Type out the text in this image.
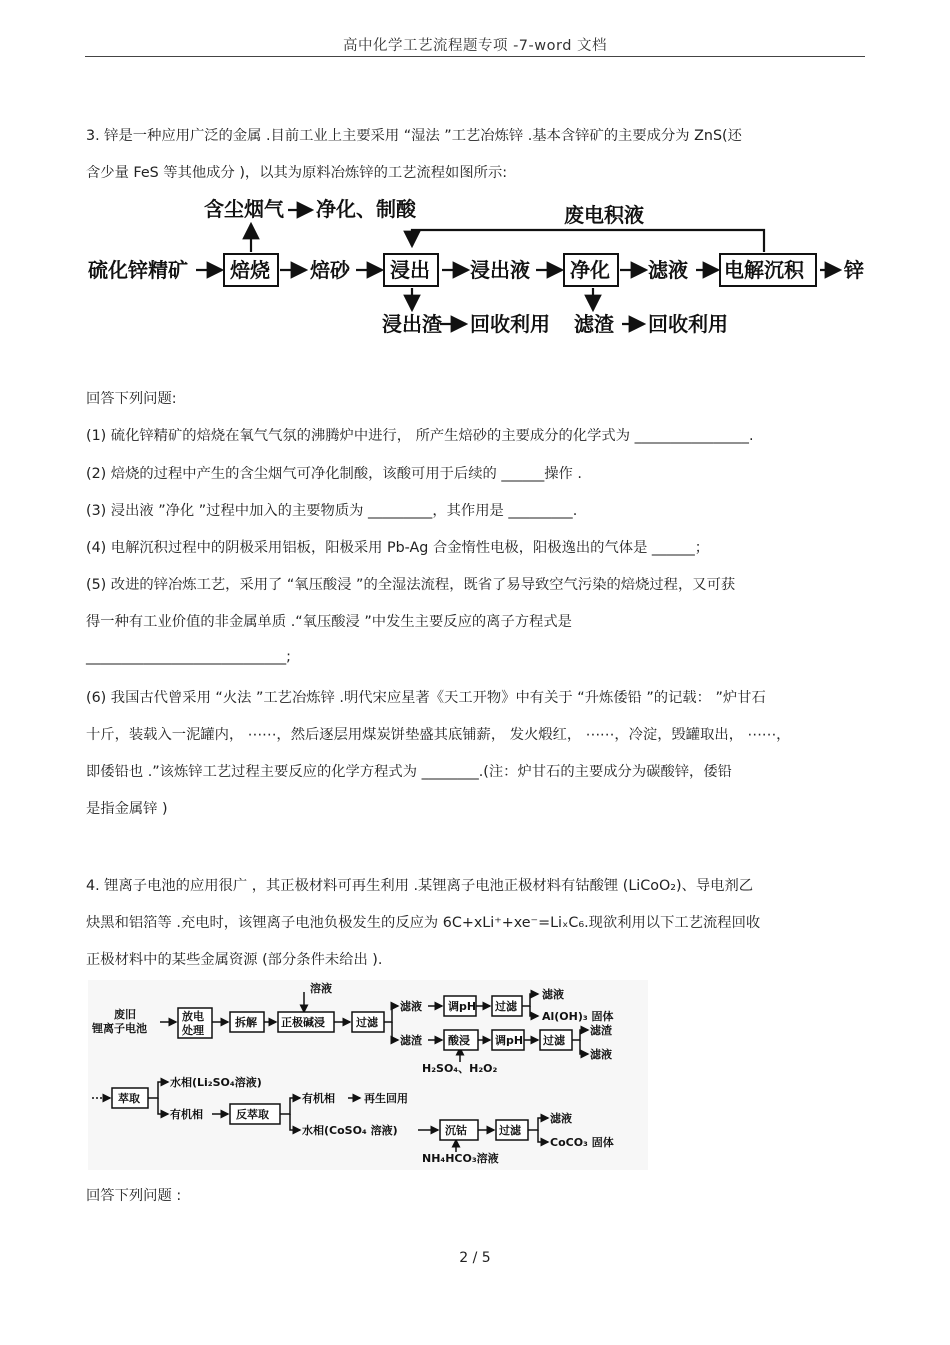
高中化学工艺流程题专项 -7-word 文档
3. 锌是一种应用广泛的金属 .目前工业上主要采用 “湿法 ”工艺冶炼锌 .基本含锌矿的主要成分为 ZnS(还
含少量 FeS 等其他成分 )，以其为原料冶炼锌的工艺流程如图所示:
硫化锌精矿 焙烧
含尘烟气 净化、制酸
焙砂 浸出 浸出液 净化 滤液 电解沉积 锌
废电积液
浸出渣 回收利用 滤渣 回收利用
回答下列问题:
(1) 硫化锌精矿的焙烧在氧气气氛的沸腾炉中进行， 所产生焙砂的主要成分的化学式为 ________________.
(2) 焙烧的过程中产生的含尘烟气可净化制酸，该酸可用于后续的 ______操作 .
(3) 浸出液 ”净化 ”过程中加入的主要物质为 _________，其作用是 _________.
(4) 电解沉积过程中的阴极采用铝板，阳极采用 Pb-Ag 合金惰性电极，阳极逸出的气体是 ______；
(5) 改进的锌冶炼工艺，采用了 “氧压酸浸 ”的全湿法流程，既省了易导致空气污染的焙烧过程，又可获
得一种有工业价值的非金属单质 .“氧压酸浸 ”中发生主要反应的离子方程式是
____________________________;
(6) 我国古代曾采用 “火法 ”工艺冶炼锌 .明代宋应星著《天工开物》中有关于 “升炼倭铅 ”的记载： ”炉甘石
十斤，装载入一泥罐内， ⋯⋯，然后逐层用煤炭饼垫盛其底铺薪， 发火煅红， ⋯⋯，冷淀，毁罐取出， ⋯⋯，
即倭铅也 .”该炼锌工艺过程主要反应的化学方程式为 ________.(注：炉甘石的主要成分为碳酸锌，倭铅
是指金属锌 )
4. 锂离子电池的应用很广 ，其正极材料可再生利用 .某锂离子电池正极材料有钴酸锂 (LiCoO₂)、导电剂乙
炔黑和铝箔等 .充电时，该锂离子电池负极发生的反应为 6C+xLi⁺+xe⁻=LiₓC₆.现欲利用以下工艺流程回收
正极材料中的某些金属资源 (部分条件未给出 ).
废旧
锂离子电池
放电
处理
拆解 正极碱浸
溶液
过滤
滤液 调pH 过滤
滤液
Al(OH)₃ 固体
滤渣 酸浸
H₂SO₄、H₂O₂
调pH 过滤
滤渣
滤液
萃取
水相(Li₂SO₄溶液)
有机相	反萃取
有机相	再生回用
水相(CoSO₄ 溶液)	沉钴
NH₄HCO₃溶液
过滤
滤液
CoCO₃ 固体
回答下列问题 :
2 / 5
